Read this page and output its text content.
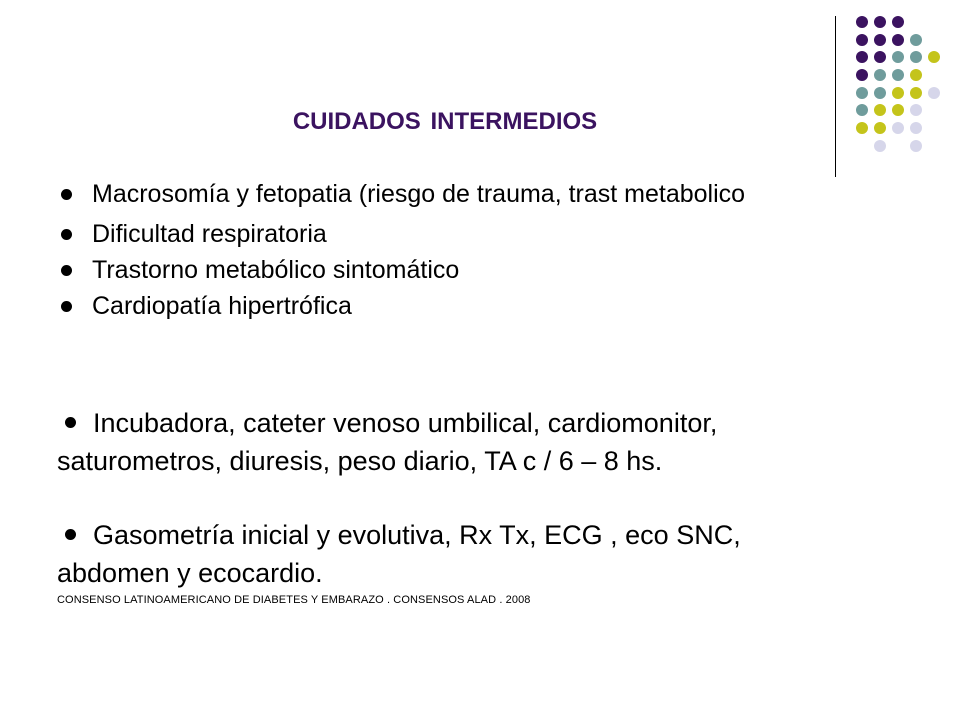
CUIDADOS INTERMEDIOS
Macrosomía y fetopatia (riesgo de trauma, trast metabolico
Dificultad respiratoria
Trastorno metabólico sintomático
Cardiopatía hipertrófica
Incubadora, cateter venoso umbilical, cardiomonitor,
saturometros, diuresis, peso diario, TA c / 6 – 8 hs.
Gasometría inicial y evolutiva, Rx Tx, ECG , eco SNC,
abdomen y ecocardio.
CONSENSO LATINOAMERICANO DE DIABETES Y EMBARAZO . CONSENSOS ALAD . 2008
